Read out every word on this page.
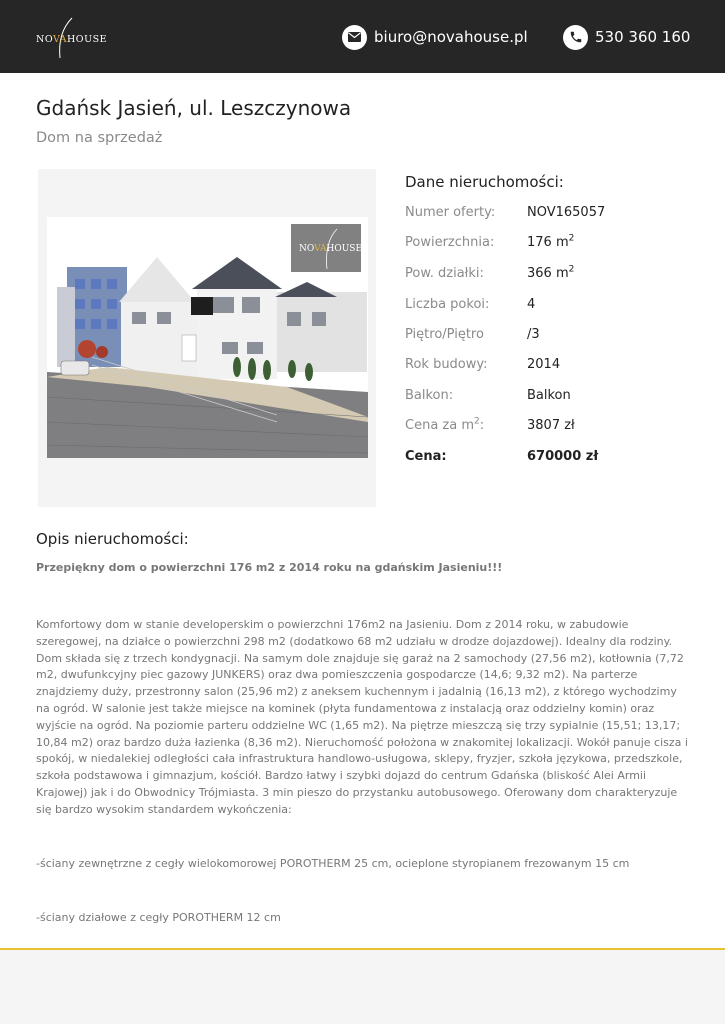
NOVAHOUSE	biuro@novahouse.pl	530 360 160
Gdańsk Jasień, ul. Leszczynowa
Dom na sprzedaż
NOVAHOUSE
Dane nieruchomości:
Numer oferty:	NOV165057
Powierzchnia:	176 $m^2$
Pow. działki:	366 $m^2$
Liczba pokoi:	4
Piętro/Piętro	/3
Rok budowy:	2014
Balkon:	Balkon
Cena za $m^2$:	3807 zł
Cena:	670000 zł
Opis nieruchomości:
Przepiękny dom o powierzchni 176 m2 z 2014 roku na gdańskim Jasieniu!!!
Komfortowy dom w stanie developerskim o powierzchni 176m2 na Jasieniu. Dom z 2014 roku, w zabudowie szeregowej, na działce o powierzchni 298 m2 (dodatkowo 68 m2 udziału w drodze dojazdowej). Idealny dla rodziny. Dom składa się z trzech kondygnacji. Na samym dole znajduje się garaż na 2 samochody (27,56 m2), kotłownia (7,72 m2, dwufunkcyjny piec gazowy JUNKERS) oraz dwa pomieszczenia gospodarcze (14,6; 9,32 m2). Na parterze znajdziemy duży, przestronny salon (25,96 m2) z aneksem kuchennym i jadalnią (16,13 m2), z którego wychodzimy na ogród. W salonie jest także miejsce na kominek (płyta fundamentowa z instalacją oraz oddzielny komin) oraz wyjście na ogród. Na poziomie parteru oddzielne WC (1,65 m2). Na piętrze mieszczą się trzy sypialnie (15,51; 13,17; 10,84 m2) oraz bardzo duża łazienka (8,36 m2). Nieruchomość położona w znakomitej lokalizacji. Wokół panuje cisza i spokój, w niedalekiej odległości cała infrastruktura handlowo-usługowa, sklepy, fryzjer, szkoła językowa, przedszkole, szkoła podstawowa i gimnazjum, kościół. Bardzo łatwy i szybki dojazd do centrum Gdańska (bliskość Alei Armii Krajowej) jak i do Obwodnicy Trójmiasta. 3 min pieszo do przystanku autobusowego. Oferowany dom charakteryzuje się bardzo wysokim standardem wykończenia:
-ściany zewnętrzne z cegły wielokomorowej POROTHERM 25 cm, ocieplone styropianem frezowanym 15 cm
-ściany działowe z cegły POROTHERM 12 cm
